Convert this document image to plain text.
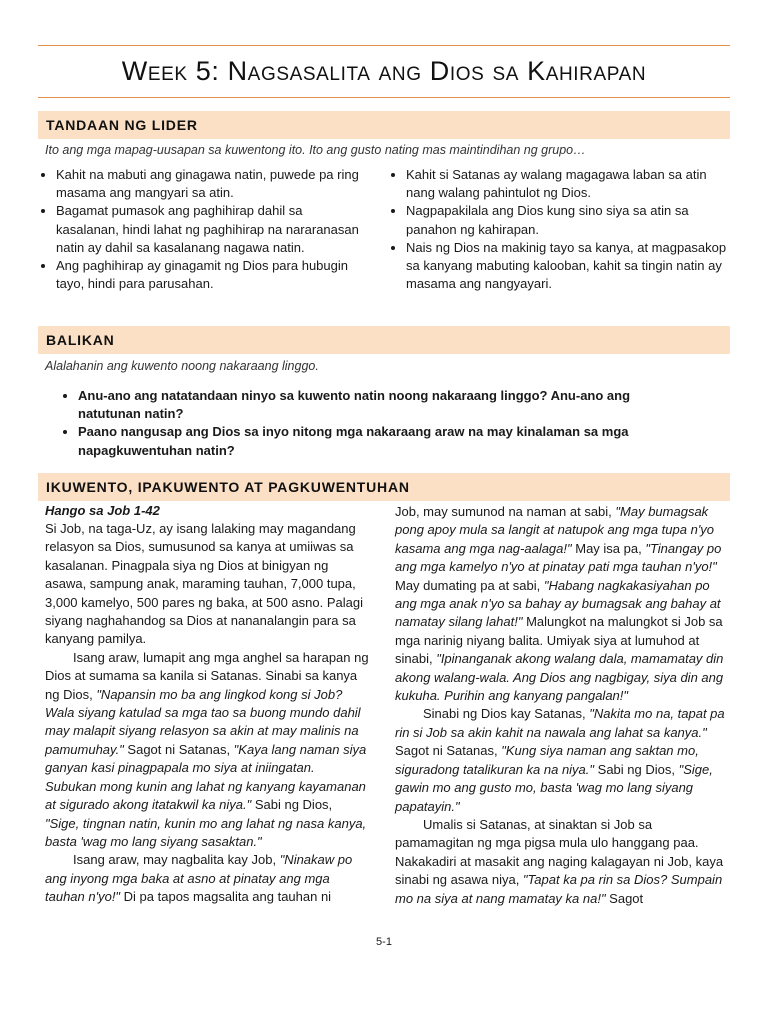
Week 5: Nagsasalita ang Dios sa Kahirapan
TANDAAN NG LIDER
Ito ang mga mapag-uusapan sa kuwentong ito. Ito ang gusto nating mas maintindihan ng grupo…
• Kahit na mabuti ang ginagawa natin, puwede pa ring masama ang mangyari sa atin.
• Bagamat pumasok ang paghihirap dahil sa kasalanan, hindi lahat ng paghihirap na nararanasan natin ay dahil sa kasalanang nagawa natin.
• Ang paghihirap ay ginagamit ng Dios para hubugin tayo, hindi para parusahan.
• Kahit si Satanas ay walang magagawa laban sa atin nang walang pahintulot ng Dios.
• Nagpapakilala ang Dios kung sino siya sa atin sa panahon ng kahirapan.
• Nais ng Dios na makinig tayo sa kanya, at magpasakop sa kanyang mabuting kalooban, kahit sa tingin natin ay masama ang nangyayari.
BALIKAN
Alalahanin ang kuwento noong nakaraang linggo.
• Anu-ano ang natatandaan ninyo sa kuwento natin noong nakaraang linggo? Anu-ano ang natutunan natin?
• Paano nangusap ang Dios sa inyo nitong mga nakaraang araw na may kinalaman sa mga napagkuwentuhan natin?
IKUWENTO, IPAKUWENTO AT PAGKUWENTUHAN

Hango sa Job 1-42

Si Job, na taga-Uz, ay isang lalaking may magandang relasyon sa Dios, sumusunod sa kanya at umiiwas sa kasalanan. Pinagpala siya ng Dios at binigyan ng asawa, sampung anak, maraming tauhan, 7,000 tupa, 3,000 kamelyo, 500 pares ng baka, at 500 asno. Palagi siyang naghahandog sa Dios at nananalangin para sa kanyang pamilya.

Isang araw, lumapit ang mga anghel sa harapan ng Dios at sumama sa kanila si Satanas. Sinabi sa kanya ng Dios, "Napansin mo ba ang lingkod kong si Job? Wala siyang katulad sa mga tao sa buong mundo dahil may malapit siyang relasyon sa akin at may malinis na pamumuhay." Sagot ni Satanas, "Kaya lang naman siya ganyan kasi pinagpapala mo siya at iniingatan. Subukan mong kunin ang lahat ng kanyang kayamanan at sigurado akong itatakwil ka niya." Sabi ng Dios, "Sige, tingnan natin, kunin mo ang lahat ng nasa kanya, basta 'wag mo lang siyang sasaktan."

Isang araw, may nagbalita kay Job, "Ninakaw po ang inyong mga baka at asno at pinatay ang mga tauhan n'yo!" Di pa tapos magsalita ang tauhan ni

Job, may sumunod na naman at sabi, "May bumagsak pong apoy mula sa langit at natupok ang mga tupa n'yo kasama ang mga nag-aalaga!" May isa pa, "Tinangay po ang mga kamelyo n'yo at pinatay pati mga tauhan n'yo!" May dumating pa at sabi, "Habang nagkakasiyahan po ang mga anak n'yo sa bahay ay bumagsak ang bahay at namatay silang lahat!" Malungkot na malungkot si Job sa mga narinig niyang balita. Umiyak siya at lumuhod at sinabi, "Ipinanganak akong walang dala, mamamatay din akong walang-wala. Ang Dios ang nagbigay, siya din ang kukuha. Purihin ang kanyang pangalan!"

Sinabi ng Dios kay Satanas, "Nakita mo na, tapat pa rin si Job sa akin kahit na nawala ang lahat sa kanya." Sagot ni Satanas, "Kung siya naman ang saktan mo, siguradong tatalikuran ka na niya." Sabi ng Dios, "Sige, gawin mo ang gusto mo, basta 'wag mo lang siyang papatayin."

Umalis si Satanas, at sinaktan si Job sa pamamagitan ng mga pigsa mula ulo hanggang paa. Nakakadiri at masakit ang naging kalagayan ni Job, kaya sinabi ng asawa niya, "Tapat ka pa rin sa Dios? Sumpain mo na siya at nang mamatay ka na!" Sagot

5-1
